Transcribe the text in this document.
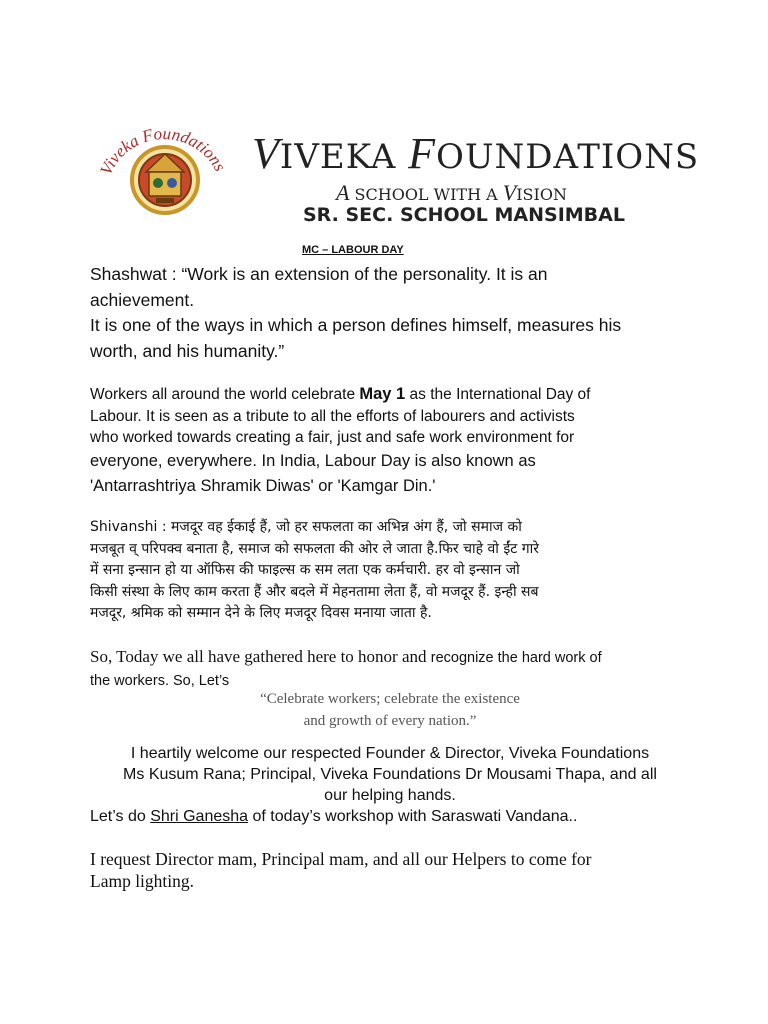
Viveka Foundations VIVEKA FOUNDATIONS
A SCHOOL WITH A VISION
SR. SEC. SCHOOL MANSIMBAL
MC – LABOUR DAY
Shashwat : “Work is an extension of the personality. It is an
achievement.
It is one of the ways in which a person defines himself, measures his
worth, and his humanity.”
Workers all around the world celebrate May 1 as the International Day of
Labour. It is seen as a tribute to all the efforts of labourers and activists
who worked towards creating a fair, just and safe work environment for
everyone, everywhere. In India, Labour Day is also known as
'Antarrashtriya Shramik Diwas' or 'Kamgar Din.'
Shivanshi : मजदूर वह ईकाई हैं, जो हर सफलता का अभिन्न अंग हैं, जो समाज को
मजबूत व् परिपक्व बनाता है, समाज को सफलता की ओर ले जाता है.फिर चाहे वो ईंट गारे
में सना इन्सान हो या ऑफिस की फाइल्स क सम लता एक कर्मचारी. हर वो इन्सान जो
किसी संस्था के लिए काम करता हैं और बदले में मेहनतामा लेता हैं, वो मजदूर हैं. इन्ही सब
मजदूर, श्रमिक को सम्मान देने के लिए मजदूर दिवस मनाया जाता है.
So, Today we all have gathered here to honor and recognize the hard work of
the workers. So, Let’s
“Celebrate workers; celebrate the existence
and growth of every nation.”
I heartily welcome our respected Founder & Director, Viveka Foundations
Ms Kusum Rana; Principal, Viveka Foundations Dr Mousami Thapa, and all
our helping hands.
Let’s do Shri Ganesha of today’s workshop with Saraswati Vandana..
I request Director mam, Principal mam, and all our Helpers to come for
Lamp lighting.
